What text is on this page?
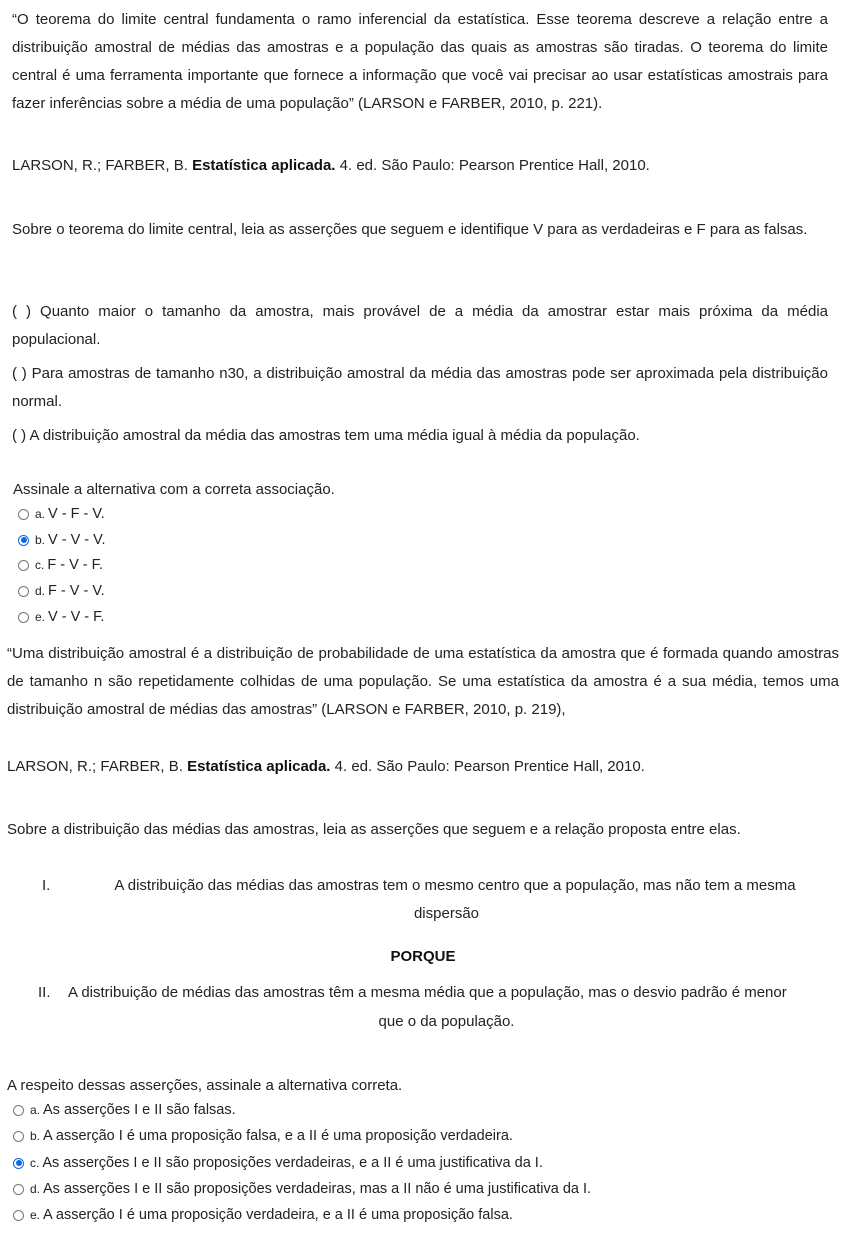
“O teorema do limite central fundamenta o ramo inferencial da estatística. Esse teorema descreve a relação entre a distribuição amostral de médias das amostras e a população das quais as amostras são tiradas. O teorema do limite central é uma ferramenta importante que fornece a informação que você vai precisar ao usar estatísticas amostrais para fazer inferências sobre a média de uma população” (LARSON e FARBER, 2010, p. 221).
LARSON, R.; FARBER, B. Estatística aplicada. 4. ed. São Paulo: Pearson Prentice Hall, 2010.
Sobre o teorema do limite central, leia as asserções que seguem e identifique V para as verdadeiras e F para as falsas.
( ) Quanto maior o tamanho da amostra, mais provável de a média da amostrar estar mais próxima da média populacional.
( ) Para amostras de tamanho n30, a distribuição amostral da média das amostras pode ser aproximada pela distribuição normal.
( ) A distribuição amostral da média das amostras tem uma média igual à média da população.
Assinale a alternativa com a correta associação.
a. V - F - V.
b. V - V - V.
c. F - V - F.
d. F - V - V.
e. V - V - F.
“Uma distribuição amostral é a distribuição de probabilidade de uma estatística da amostra que é formada quando amostras de tamanho n são repetidamente colhidas de uma população. Se uma estatística da amostra é a sua média, temos uma distribuição amostral de médias das amostras” (LARSON e FARBER, 2010, p. 219),
LARSON, R.; FARBER, B. Estatística aplicada. 4. ed. São Paulo: Pearson Prentice Hall, 2010.
Sobre a distribuição das médias das amostras, leia as asserções que seguem e a relação proposta entre elas.
I.	A distribuição das médias das amostras tem o mesmo centro que a população, mas não tem a mesma
dispersão
PORQUE
II. A distribuição de médias das amostras têm a mesma média que a população, mas o desvio padrão é menor
que o da população.
A respeito dessas asserções, assinale a alternativa correta.
a. As asserções I e II são falsas.
b. A asserção I é uma proposição falsa, e a II é uma proposição verdadeira.
c. As asserções I e II são proposições verdadeiras, e a II é uma justificativa da I.
d. As asserções I e II são proposições verdadeiras, mas a II não é uma justificativa da I.
e. A asserção I é uma proposição verdadeira, e a II é uma proposição falsa.
